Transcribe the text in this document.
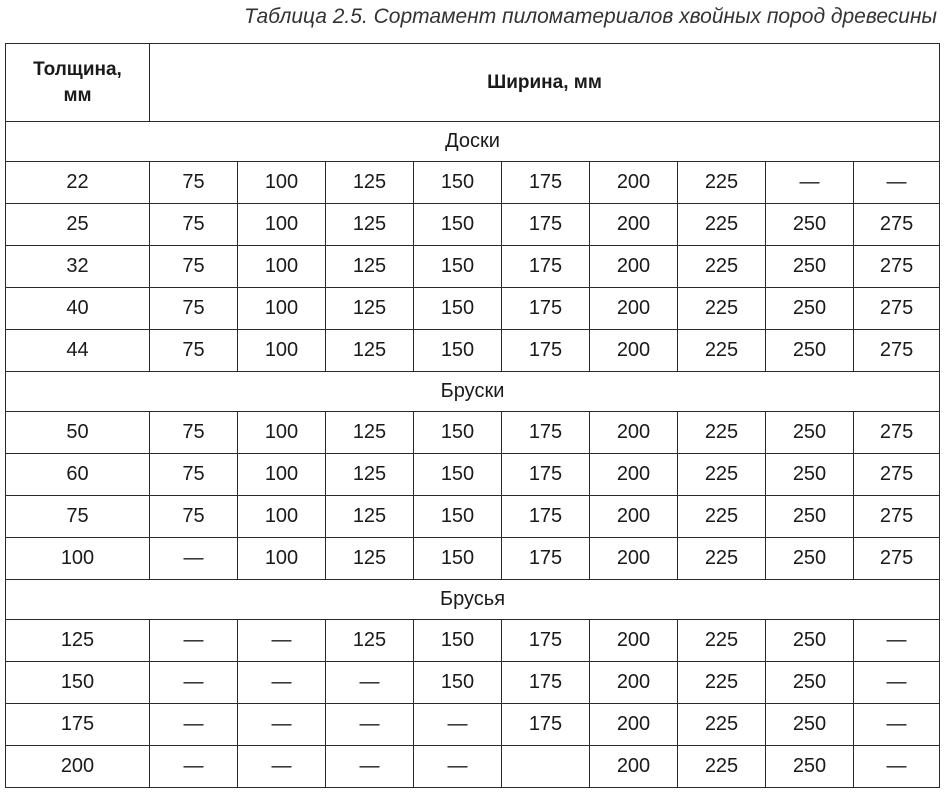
Таблица 2.5. Сортамент пиломатериалов хвойных пород древесины
Толщина, мм	Ширина, мм								
Доски									
22	75	100	125	150	175	200	225	—	—
25	75	100	125	150	175	200	225	250	275
32	75	100	125	150	175	200	225	250	275
40	75	100	125	150	175	200	225	250	275
44	75	100	125	150	175	200	225	250	275
Бруски									
50	75	100	125	150	175	200	225	250	275
60	75	100	125	150	175	200	225	250	275
75	75	100	125	150	175	200	225	250	275
100	—	100	125	150	175	200	225	250	275
Брусья									
125	—	—	125	150	175	200	225	250	—
150	—	—	—	150	175	200	225	250	—
175	—	—	—	—	175	200	225	250	—
200	—	—	—	—		200	225	250	—
